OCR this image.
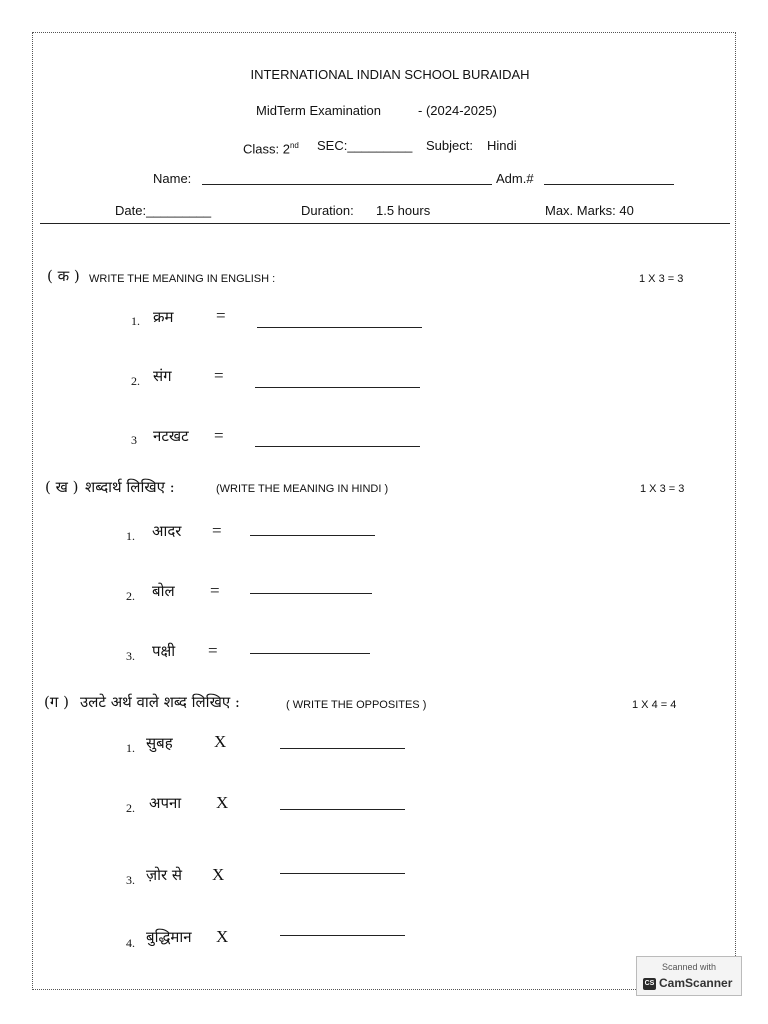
INTERNATIONAL INDIAN SCHOOL BURAIDAH
MidTerm Examination	- (2024-2025)
Class: 2nd SEC:_________ Subject: Hindi
Name:	Adm.#
Date:_________	Duration: 1.5 hours	Max. Marks: 40
( क ) WRITE THE MEANING IN ENGLISH :	1 X 3 = 3
1. क्रम	=
2. संग =
3 नटखट =
( ख ) शब्दार्थ लिखिए :	(WRITE THE MEANING IN HINDI )	1 X 3 = 3
1. आदर =
2. बोल =
3. पक्षी =
(ग ) उलटे अर्थ वाले शब्द लिखिए :	( WRITE THE OPPOSITES )	1 X 4 = 4
1. सुबह X
2. अपना X
3. ज़ोर से X
4. बुद्धिमान X
Scanned with
CS CamScanner
